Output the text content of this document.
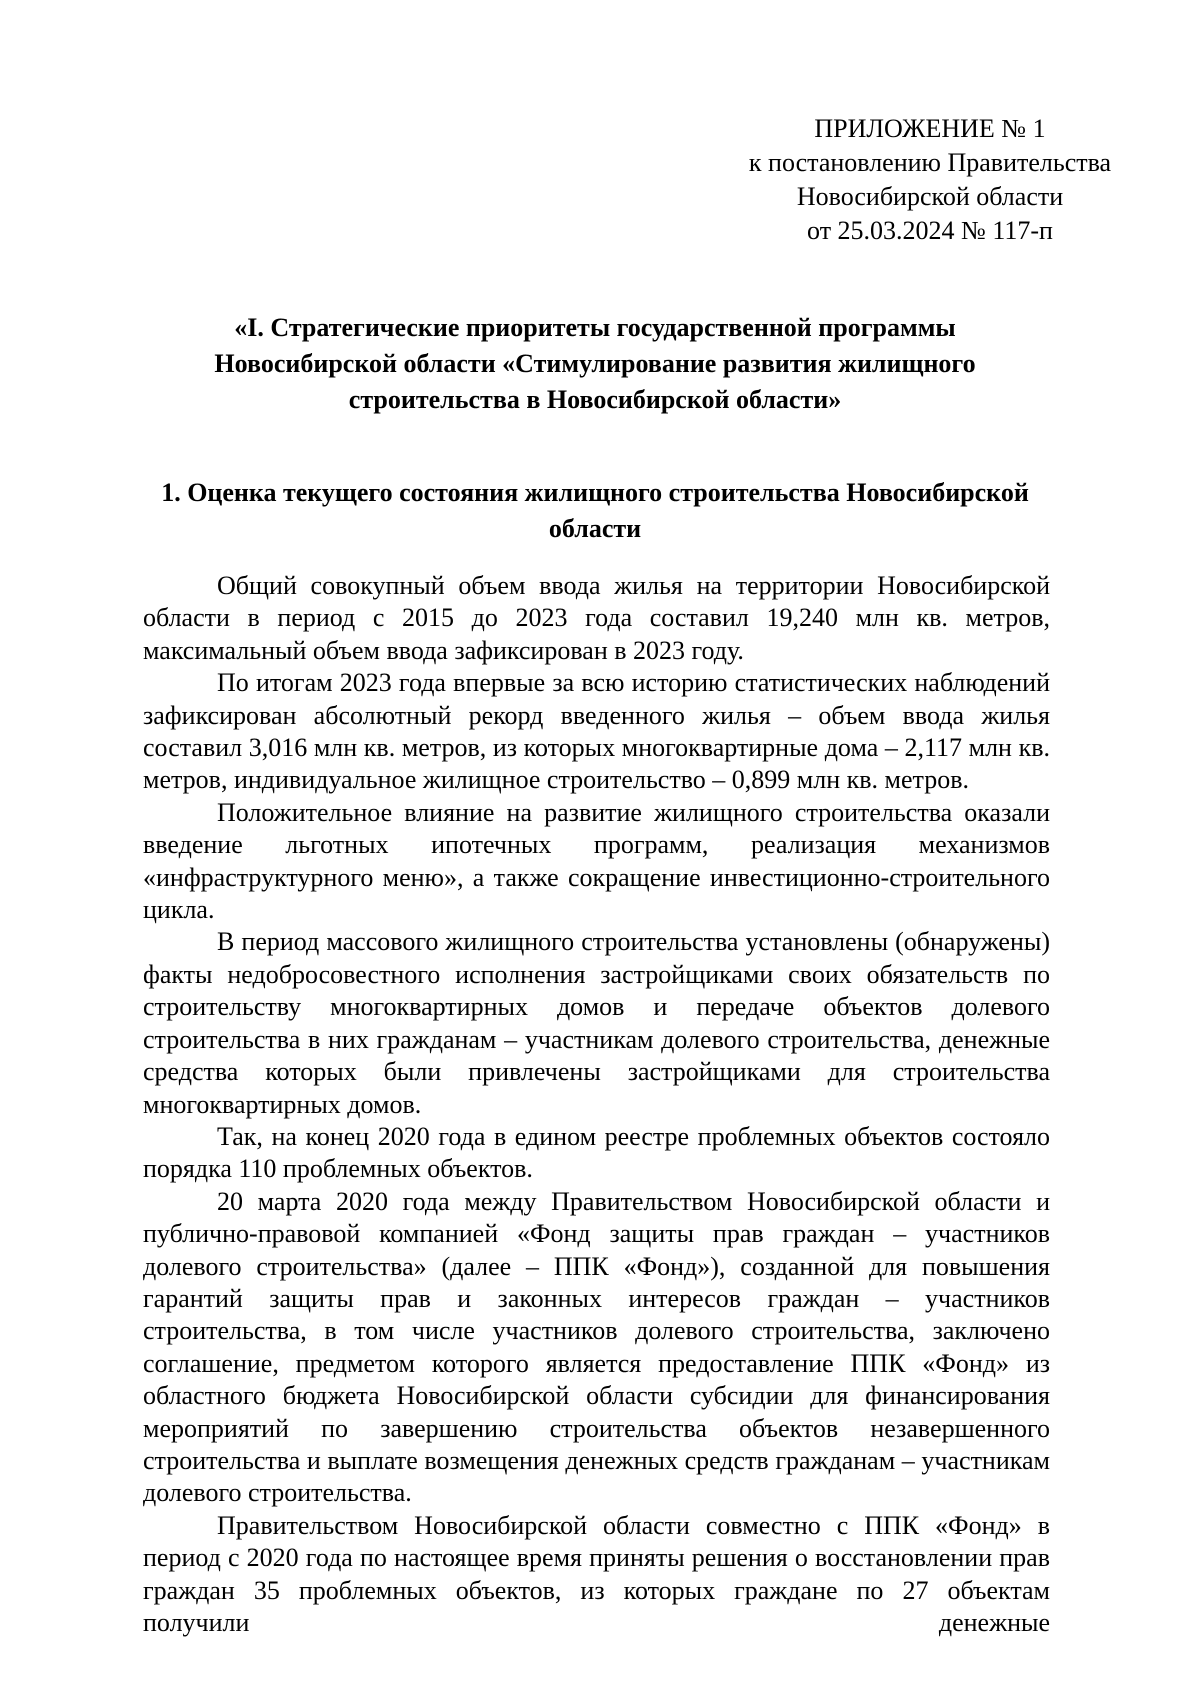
ПРИЛОЖЕНИЕ № 1
к постановлению Правительства
Новосибирской области
от 25.03.2024 № 117-п
«I. Стратегические приоритеты государственной программы Новосибирской области «Стимулирование развития жилищного строительства в Новосибирской области»
1. Оценка текущего состояния жилищного строительства Новосибирской области

Общий совокупный объем ввода жилья на территории Новосибирской области в период с 2015 до 2023 года составил 19,240 млн кв. метров, максимальный объем ввода зафиксирован в 2023 году.

По итогам 2023 года впервые за всю историю статистических наблюдений зафиксирован абсолютный рекорд введенного жилья – объем ввода жилья составил 3,016 млн кв. метров, из которых многоквартирные дома – 2,117 млн кв. метров, индивидуальное жилищное строительство – 0,899 млн кв. метров.

Положительное влияние на развитие жилищного строительства оказали введение льготных ипотечных программ, реализация механизмов «инфраструктурного меню», а также сокращение инвестиционно-строительного цикла.

В период массового жилищного строительства установлены (обнаружены) факты недобросовестного исполнения застройщиками своих обязательств по строительству многоквартирных домов и передаче объектов долевого строительства в них гражданам – участникам долевого строительства, денежные средства которых были привлечены застройщиками для строительства многоквартирных домов.

Так, на конец 2020 года в едином реестре проблемных объектов состояло порядка 110 проблемных объектов.

20 марта 2020 года между Правительством Новосибирской области и публично-правовой компанией «Фонд защиты прав граждан – участников долевого строительства» (далее – ППК «Фонд»), созданной для повышения гарантий защиты прав и законных интересов граждан – участников строительства, в том числе участников долевого строительства, заключено соглашение, предметом которого является предоставление ППК «Фонд» из областного бюджета Новосибирской области субсидии для финансирования мероприятий по завершению строительства объектов незавершенного строительства и выплате возмещения денежных средств гражданам – участникам долевого строительства.

Правительством Новосибирской области совместно с ППК «Фонд» в период с 2020 года по настоящее время приняты решения о восстановлении прав граждан 35 проблемных объектов, из которых граждане по 27 объектам получили денежные
